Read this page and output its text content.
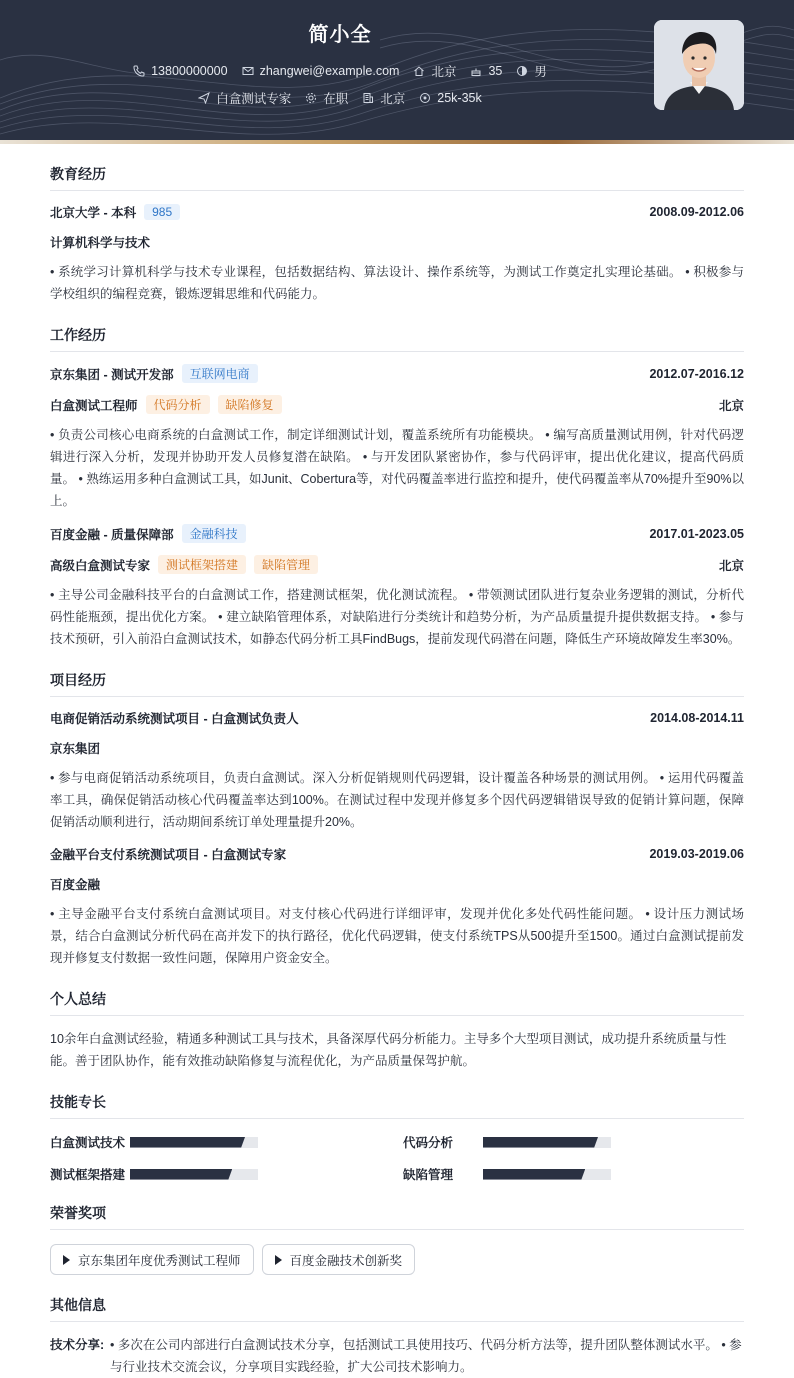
简小全
13800000000	zhangwei@example.com	北京	35	男
白盒测试专家	在职	北京	25k-35k
教育经历
北京大学 - 本科	985	2008.09-2012.06
计算机科学与技术
• 系统学习计算机科学与技术专业课程，包括数据结构、算法设计、操作系统等，为测试工作奠定扎实理论基础。 • 积极参与学校组织的编程竞赛，锻炼逻辑思维和代码能力。
工作经历
京东集团 - 测试开发部	互联网电商	2012.07-2016.12
白盒测试工程师	代码分析	缺陷修复	北京
• 负责公司核心电商系统的白盒测试工作，制定详细测试计划，覆盖系统所有功能模块。 • 编写高质量测试用例，针对代码逻辑进行深入分析，发现并协助开发人员修复潜在缺陷。 • 与开发团队紧密协作，参与代码评审，提出优化建议，提高代码质量。 • 熟练运用多种白盒测试工具，如Junit、Cobertura等，对代码覆盖率进行监控和提升，使代码覆盖率从70%提升至90%以上。
百度金融 - 质量保障部	金融科技	2017.01-2023.05
高级白盒测试专家	测试框架搭建	缺陷管理	北京
• 主导公司金融科技平台的白盒测试工作，搭建测试框架，优化测试流程。 • 带领测试团队进行复杂业务逻辑的测试，分析代码性能瓶颈，提出优化方案。 • 建立缺陷管理体系，对缺陷进行分类统计和趋势分析，为产品质量提升提供数据支持。 • 参与技术预研，引入前沿白盒测试技术，如静态代码分析工具FindBugs，提前发现代码潜在问题，降低生产环境故障发生率30%。
项目经历
电商促销活动系统测试项目 - 白盒测试负责人	2014.08-2014.11
京东集团
• 参与电商促销活动系统项目，负责白盒测试。深入分析促销规则代码逻辑，设计覆盖各种场景的测试用例。 • 运用代码覆盖率工具，确保促销活动核心代码覆盖率达到100%。在测试过程中发现并修复多个因代码逻辑错误导致的促销计算问题，保障促销活动顺利进行，活动期间系统订单处理量提升20%。
金融平台支付系统测试项目 - 白盒测试专家	2019.03-2019.06
百度金融
• 主导金融平台支付系统白盒测试项目。对支付核心代码进行详细评审，发现并优化多处代码性能问题。 • 设计压力测试场景，结合白盒测试分析代码在高并发下的执行路径，优化代码逻辑，使支付系统TPS从500提升至1500。通过白盒测试提前发现并修复支付数据一致性问题，保障用户资金安全。
个人总结
10余年白盒测试经验，精通多种测试工具与技术，具备深厚代码分析能力。主导多个大型项目测试，成功提升系统质量与性能。善于团队协作，能有效推动缺陷修复与流程优化，为产品质量保驾护航。
技能专长
白盒测试技术	代码分析
测试框架搭建	缺陷管理
荣誉奖项
京东集团年度优秀测试工程师	百度金融技术创新奖
其他信息
技术分享: • 多次在公司内部进行白盒测试技术分享，包括测试工具使用技巧、代码分析方法等，提升团队整体测试水平。 • 参与行业技术交流会议，分享项目实践经验，扩大公司技术影响力。
